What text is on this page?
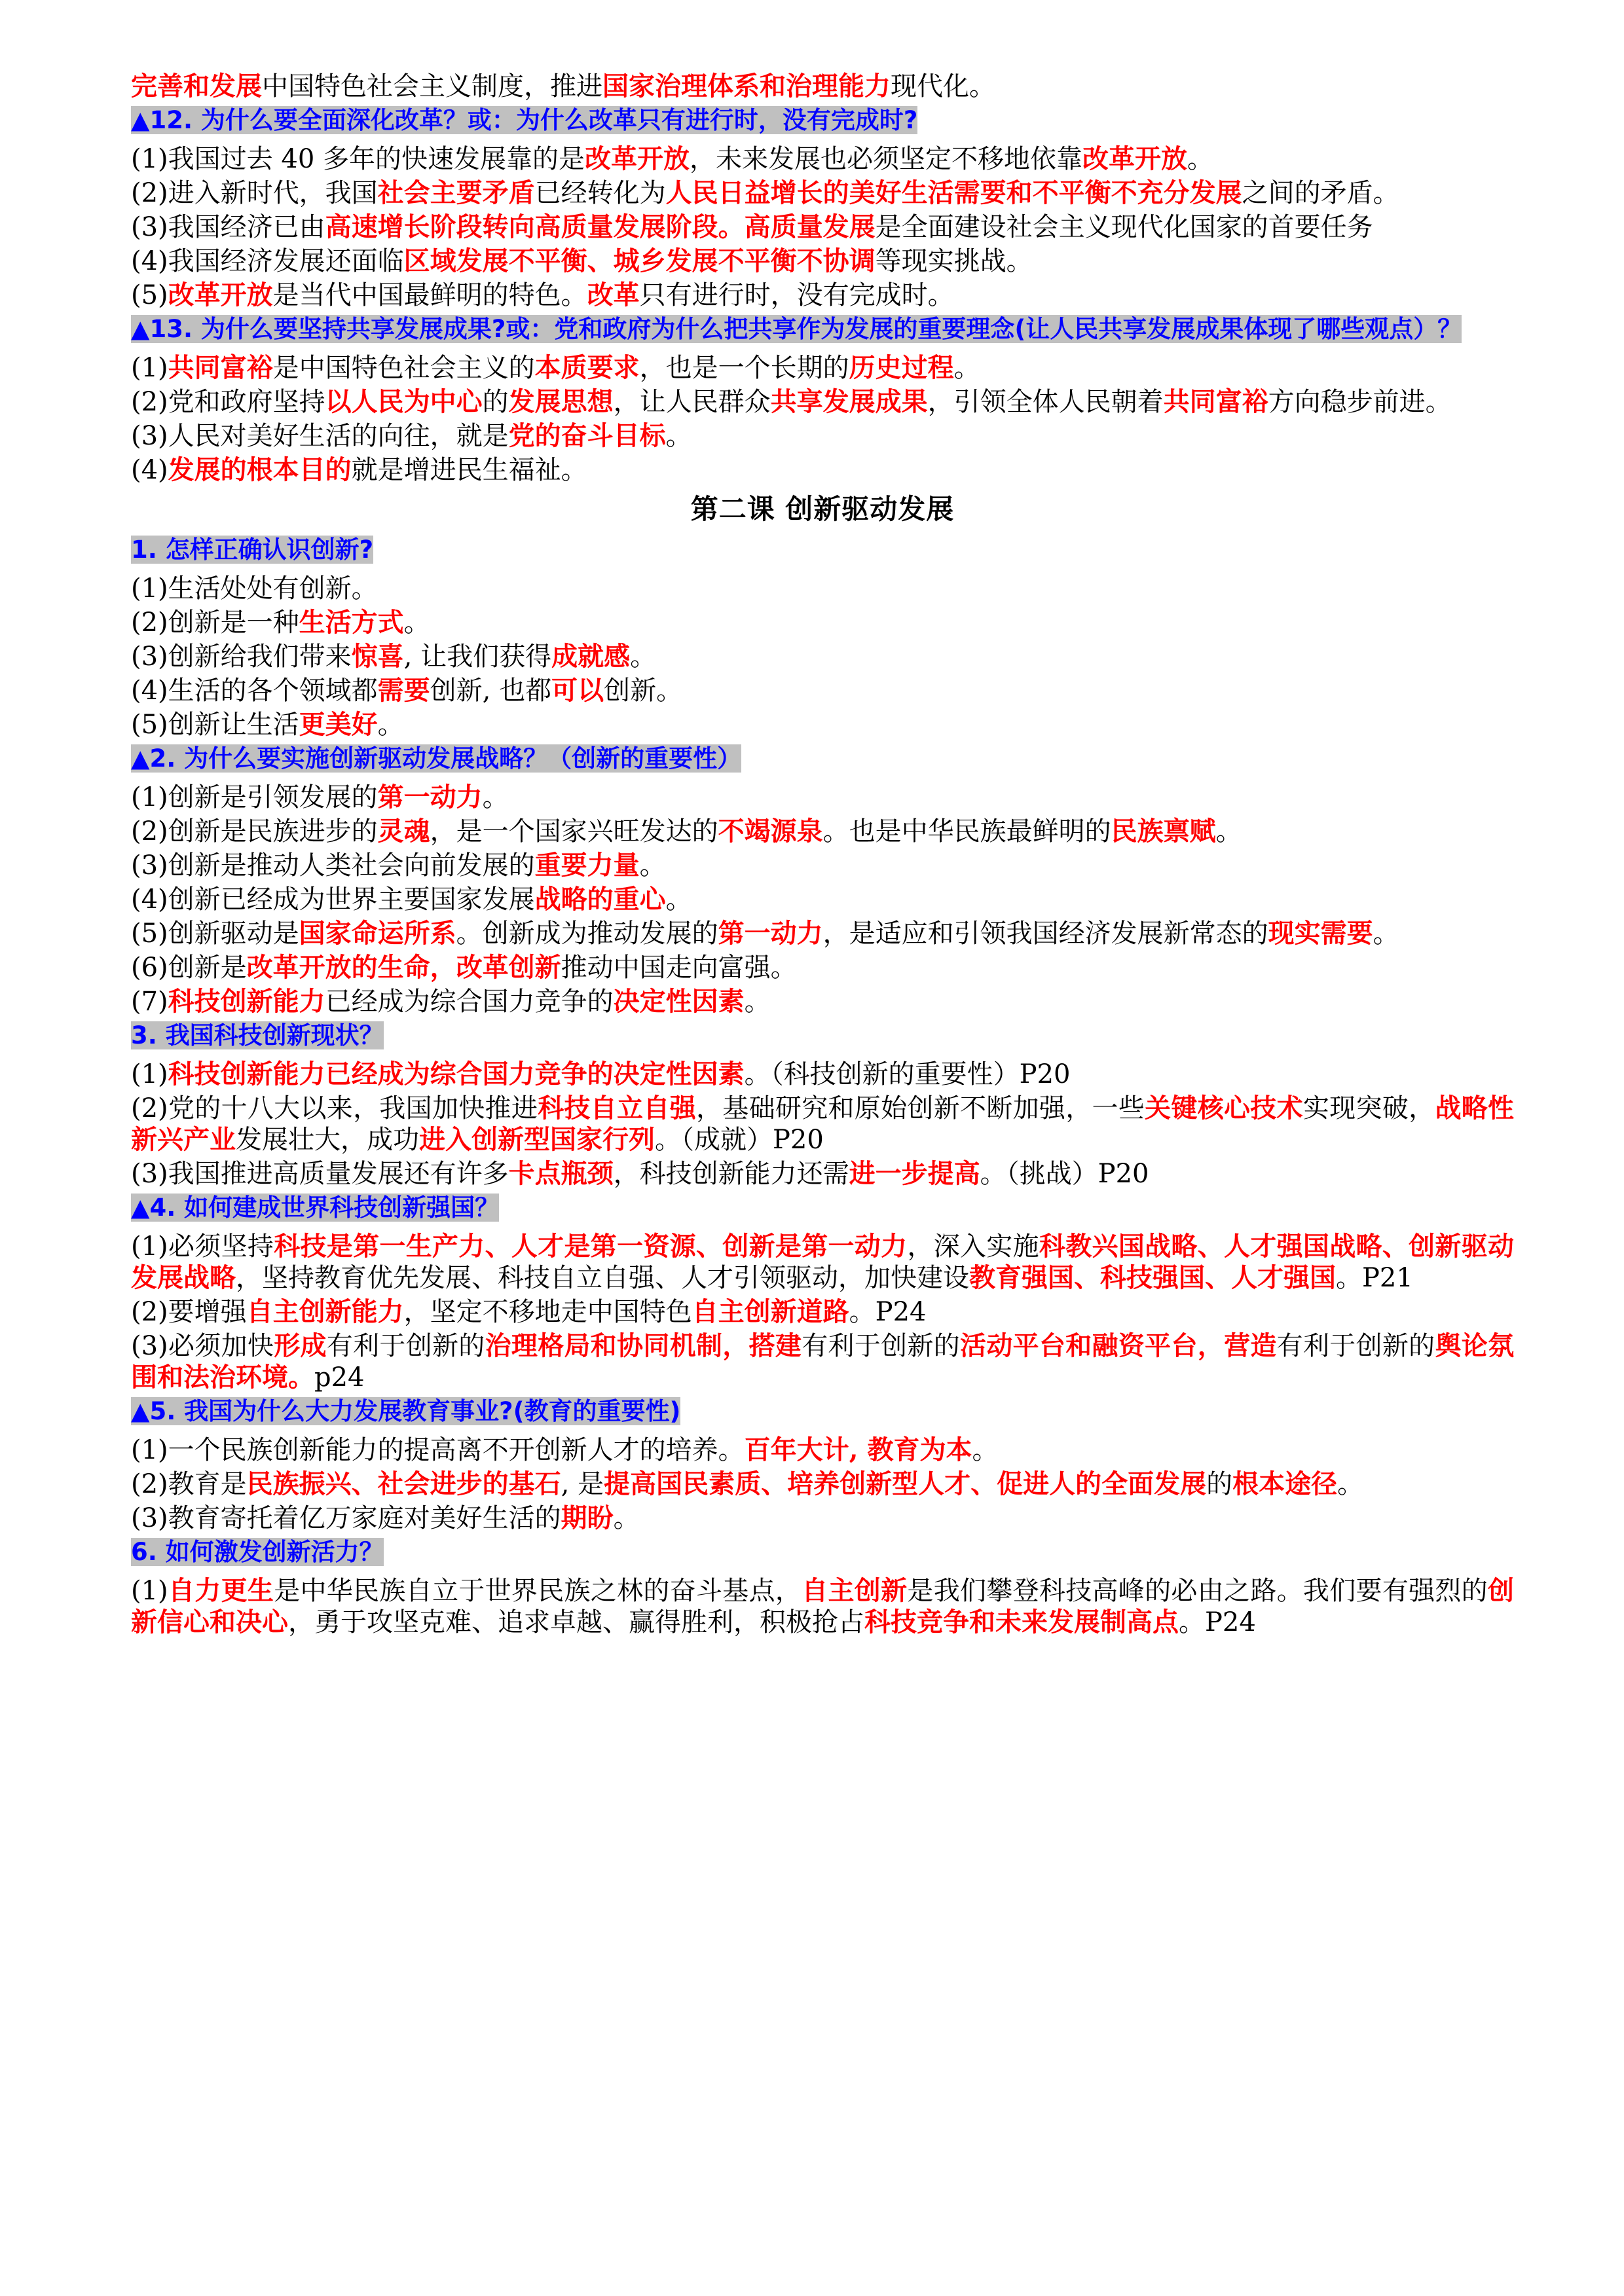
完善和发展中国特色社会主义制度，推进国家治理体系和治理能力现代化。
▲12. 为什么要全面深化改革？或：为什么改革只有进行时，没有完成时?
(1)我国过去 40 多年的快速发展靠的是改革开放，未来发展也必须坚定不移地依靠改革开放。
(2)进入新时代，我国社会主要矛盾已经转化为人民日益增长的美好生活需要和不平衡不充分发展之间的矛盾。
(3)我国经济已由高速增长阶段转向高质量发展阶段。高质量发展是全面建设社会主义现代化国家的首要任务
(4)我国经济发展还面临区域发展不平衡、城乡发展不平衡不协调等现实挑战。
(5)改革开放是当代中国最鲜明的特色。改革只有进行时，没有完成时。
▲13. 为什么要坚持共享发展成果?或：党和政府为什么把共享作为发展的重要理念(让人民共享发展成果体现了哪些观点）？
(1)共同富裕是中国特色社会主义的本质要求，也是一个长期的历史过程。
(2)党和政府坚持以人民为中心的发展思想，让人民群众共享发展成果，引领全体人民朝着共同富裕方向稳步前进。
(3)人民对美好生活的向往，就是党的奋斗目标。
(4)发展的根本目的就是增进民生福祉。
第二课 创新驱动发展
1. 怎样正确认识创新?
(1)生活处处有创新。
(2)创新是一种生活方式。
(3)创新给我们带来惊喜, 让我们获得成就感。
(4)生活的各个领域都需要创新, 也都可以创新。
(5)创新让生活更美好。
▲2. 为什么要实施创新驱动发展战略？（创新的重要性）
(1)创新是引领发展的第一动力。
(2)创新是民族进步的灵魂，是一个国家兴旺发达的不竭源泉。也是中华民族最鲜明的民族禀赋。
(3)创新是推动人类社会向前发展的重要力量。
(4)创新已经成为世界主要国家发展战略的重心。
(5)创新驱动是国家命运所系。创新成为推动发展的第一动力，是适应和引领我国经济发展新常态的现实需要。
(6)创新是改革开放的生命，改革创新推动中国走向富强。
(7)科技创新能力已经成为综合国力竞争的决定性因素。
3. 我国科技创新现状？
(1)科技创新能力已经成为综合国力竞争的决定性因素。（科技创新的重要性）P20
(2)党的十八大以来，我国加快推进科技自立自强，基础研究和原始创新不断加强，一些关键核心技术实现突破，战略性新兴产业发展壮大，成功进入创新型国家行列。（成就）P20
(3)我国推进高质量发展还有许多卡点瓶颈，科技创新能力还需进一步提高。（挑战）P20
▲4. 如何建成世界科技创新强国？
(1)必须坚持科技是第一生产力、人才是第一资源、创新是第一动力，深入实施科教兴国战略、人才强国战略、创新驱动发展战略，坚持教育优先发展、科技自立自强、人才引领驱动，加快建设教育强国、科技强国、人才强国。P21
(2)要增强自主创新能力，坚定不移地走中国特色自主创新道路。P24
(3)必须加快形成有利于创新的治理格局和协同机制，搭建有利于创新的活动平台和融资平台，营造有利于创新的舆论氛围和法治环境。p24
▲5. 我国为什么大力发展教育事业?(教育的重要性)
(1)一个民族创新能力的提高离不开创新人才的培养。百年大计, 教育为本。
(2)教育是民族振兴、社会进步的基石, 是提高国民素质、培养创新型人才、促进人的全面发展的根本途径。
(3)教育寄托着亿万家庭对美好生活的期盼。
6. 如何激发创新活力？
(1)自力更生是中华民族自立于世界民族之林的奋斗基点，自主创新是我们攀登科技高峰的必由之路。我们要有强烈的创新信心和决心，勇于攻坚克难、追求卓越、赢得胜利，积极抢占科技竞争和未来发展制高点。P24
